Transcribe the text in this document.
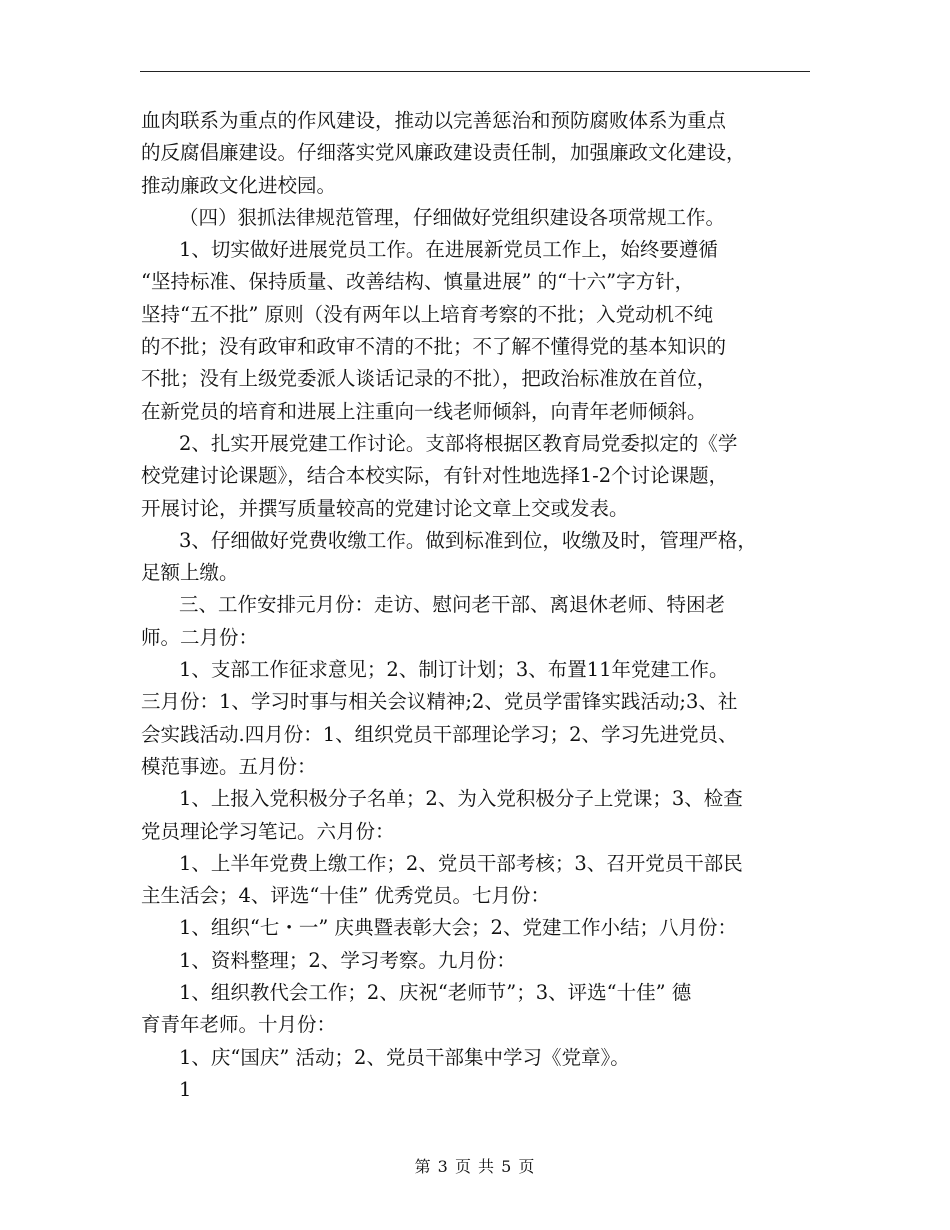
血肉联系为重点的作风建设，推动以完善惩治和预防腐败体系为重点
的反腐倡廉建设。仔细落实党风廉政建设责任制，加强廉政文化建设，
推动廉政文化进校园。
（四）狠抓法律规范管理，仔细做好党组织建设各项常规工作。
1、切实做好进展党员工作。在进展新党员工作上，始终要遵循
“坚持标准、保持质量、改善结构、慎量进展” 的“十六”字方针，
坚持“五不批” 原则（没有两年以上培育考察的不批；入党动机不纯
的不批；没有政审和政审不清的不批；不了解不懂得党的基本知识的
不批；没有上级党委派人谈话记录的不批），把政治标准放在首位，
在新党员的培育和进展上注重向一线老师倾斜，向青年老师倾斜。
2、扎实开展党建工作讨论。支部将根据区教育局党委拟定的《学
校党建讨论课题》，结合本校实际，有针对性地选择1-2个讨论课题，
开展讨论，并撰写质量较高的党建讨论文章上交或发表。
3、仔细做好党费收缴工作。做到标准到位，收缴及时，管理严格，
足额上缴。
三、工作安排元月份：走访、慰问老干部、离退休老师、特困老
师。二月份：
1、支部工作征求意见；2、制订计划；3、布置11年党建工作。
三月份：1、学习时事与相关会议精神;2、党员学雷锋实践活动;3、社
会实践活动.四月份：1、组织党员干部理论学习；2、学习先进党员、
模范事迹。五月份：
1、上报入党积极分子名单；2、为入党积极分子上党课；3、检查
党员理论学习笔记。六月份：
1、上半年党费上缴工作；2、党员干部考核；3、召开党员干部民
主生活会；4、评选“十佳” 优秀党员。七月份：
1、组织“七・一” 庆典暨表彰大会；2、党建工作小结；八月份：
1、资料整理；2、学习考察。九月份：
1、组织教代会工作；2、庆祝“老师节”；3、评选“十佳” 德
育青年老师。十月份：
1、庆“国庆” 活动；2、党员干部集中学习《党章》。
1
第 3 页 共 5 页
